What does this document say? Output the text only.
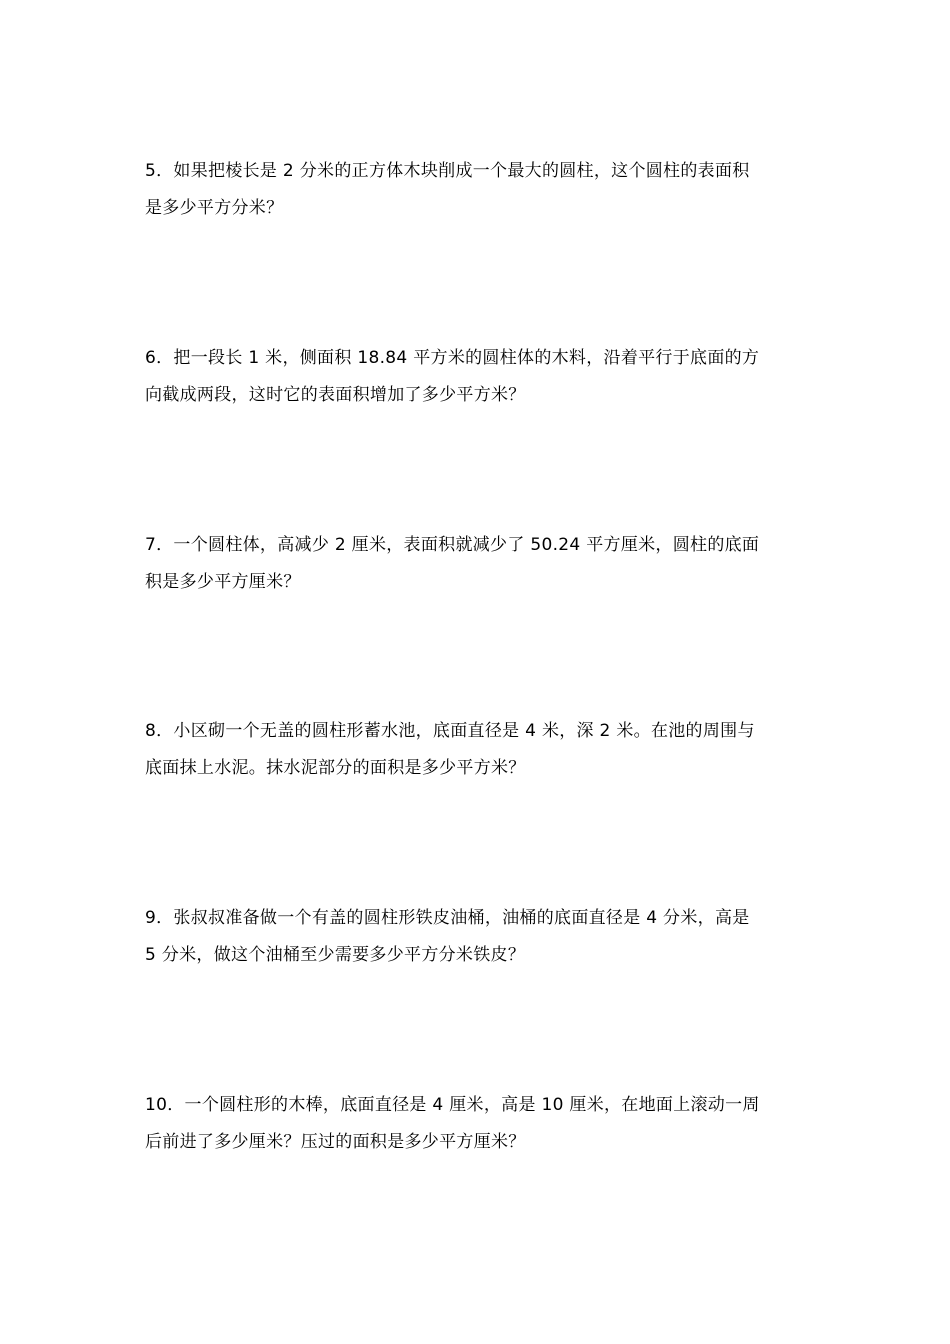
5．如果把棱长是 2 分米的正方体木块削成一个最大的圆柱，这个圆柱的表面积
是多少平方分米？
6．把一段长 1 米，侧面积 18.84 平方米的圆柱体的木料，沿着平行于底面的方
向截成两段，这时它的表面积增加了多少平方米？
7．一个圆柱体，高减少 2 厘米，表面积就减少了 50.24 平方厘米，圆柱的底面
积是多少平方厘米？
8．小区砌一个无盖的圆柱形蓄水池，底面直径是 4 米，深 2 米。在池的周围与
底面抹上水泥。抹水泥部分的面积是多少平方米？
9．张叔叔准备做一个有盖的圆柱形铁皮油桶，油桶的底面直径是 4 分米，高是
5 分米，做这个油桶至少需要多少平方分米铁皮？
10．一个圆柱形的木棒，底面直径是 4 厘米，高是 10 厘米，在地面上滚动一周
后前进了多少厘米？压过的面积是多少平方厘米？
